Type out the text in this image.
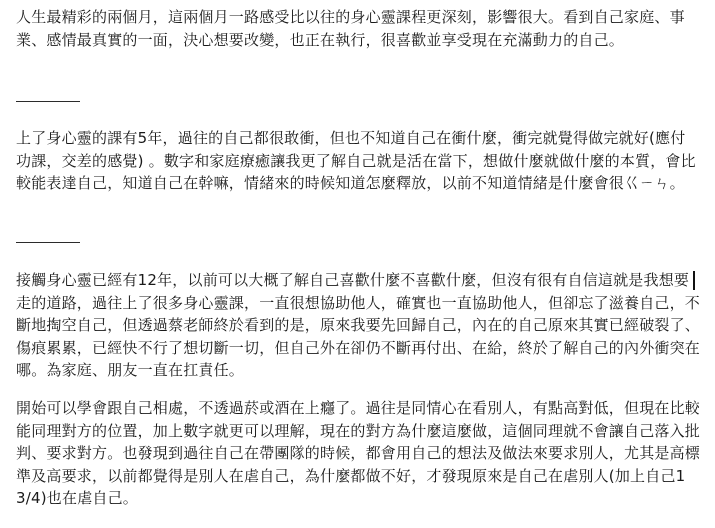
人生最精彩的兩個月，這兩個月一路感受比以往的身心靈課程更深刻，影響很大。看到自己家庭、事業、感情最真實的一面，決心想要改變，也正在執行，很喜歡並享受現在充滿動力的自己。

上了身心靈的課有5年，過往的自己都很敢衝，但也不知道自己在衝什麼，衝完就覺得做完就好(應付功課，交差的感覺) 。數字和家庭療癒讓我更了解自己就是活在當下，想做什麼就做什麼的本質，會比較能表達自己，知道自己在幹嘛，情緒來的時候知道怎麼釋放，以前不知道情緒是什麼會很巜ㄧㄣ。

接觸身心靈已經有12年，以前可以大概了解自己喜歡什麼不喜歡什麼，但沒有很有自信這就是我想要走的道路，過往上了很多身心靈課，一直很想協助他人，確實也一直協助他人，但卻忘了滋養自己，不斷地掏空自己，但透過蔡老師終於看到的是，原來我要先回歸自己，內在的自己原來其實已經破裂了、傷痕累累，已經快不行了想切斷一切，但自己外在卻仍不斷再付出、在給，終於了解自己的內外衝突在哪。為家庭、朋友一直在扛責任。

開始可以學會跟自己相處，不透過菸或酒在上癮了。過往是同情心在看別人，有點高對低，但現在比較能同理對方的位置，加上數字就更可以理解，現在的對方為什麼這麼做，這個同理就不會讓自己落入批判、要求對方。也發現到過往自己在帶團隊的時候，都會用自己的想法及做法來要求別人，尤其是高標準及高要求，以前都覺得是別人在虐自己，為什麼都做不好，才發現原來是自己在虐別人(加上自己13/4)也在虐自己。
